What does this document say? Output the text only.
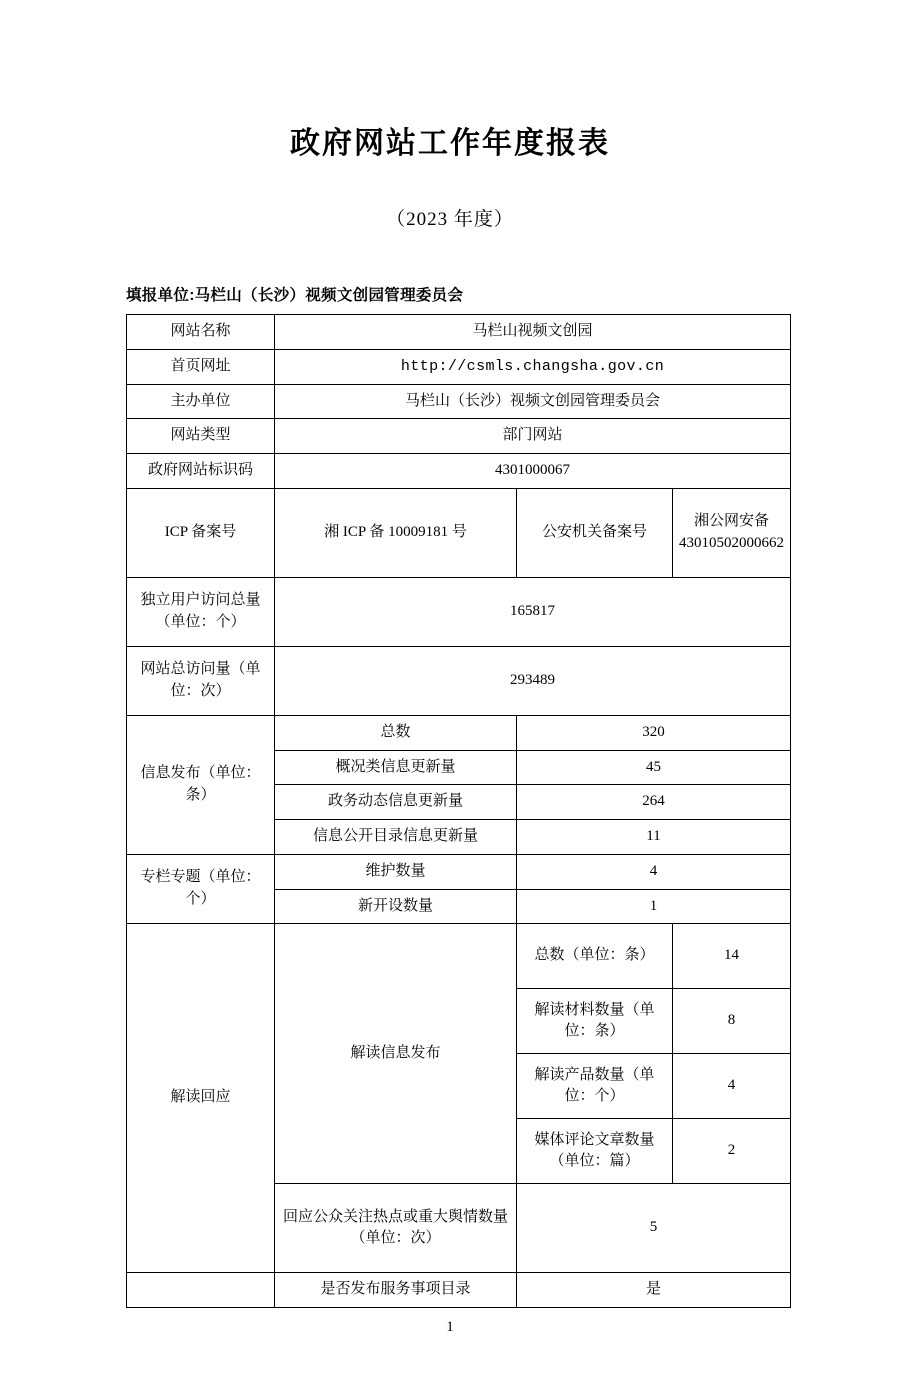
政府网站工作年度报表
（2023 年度）
填报单位:马栏山（长沙）视频文创园管理委员会
网站名称	马栏山视频文创园		
首页网址	http://csmls.changsha.gov.cn		
主办单位	马栏山（长沙）视频文创园管理委员会		
网站类型	部门网站		
政府网站标识码	4301000067		
ICP 备案号	湘 ICP 备 10009181 号	公安机关备案号	湘公网安备 43010502000662
独立用户访问总量（单位：个）	165817		
网站总访问量（单位：次）	293489		
信息发布（单位：条）	总数	320	
	概况类信息更新量	45	
	政务动态信息更新量	264	
	信息公开目录信息更新量	11	
专栏专题（单位：个）	维护数量	4	
	新开设数量	1	
解读回应	解读信息发布	总数（单位：条）	14
		解读材料数量（单位：条）	8
		解读产品数量（单位：个）	4
		媒体评论文章数量（单位：篇）	2
	回应公众关注热点或重大舆情数量（单位：次）	5	
	是否发布服务事项目录	是	
1
